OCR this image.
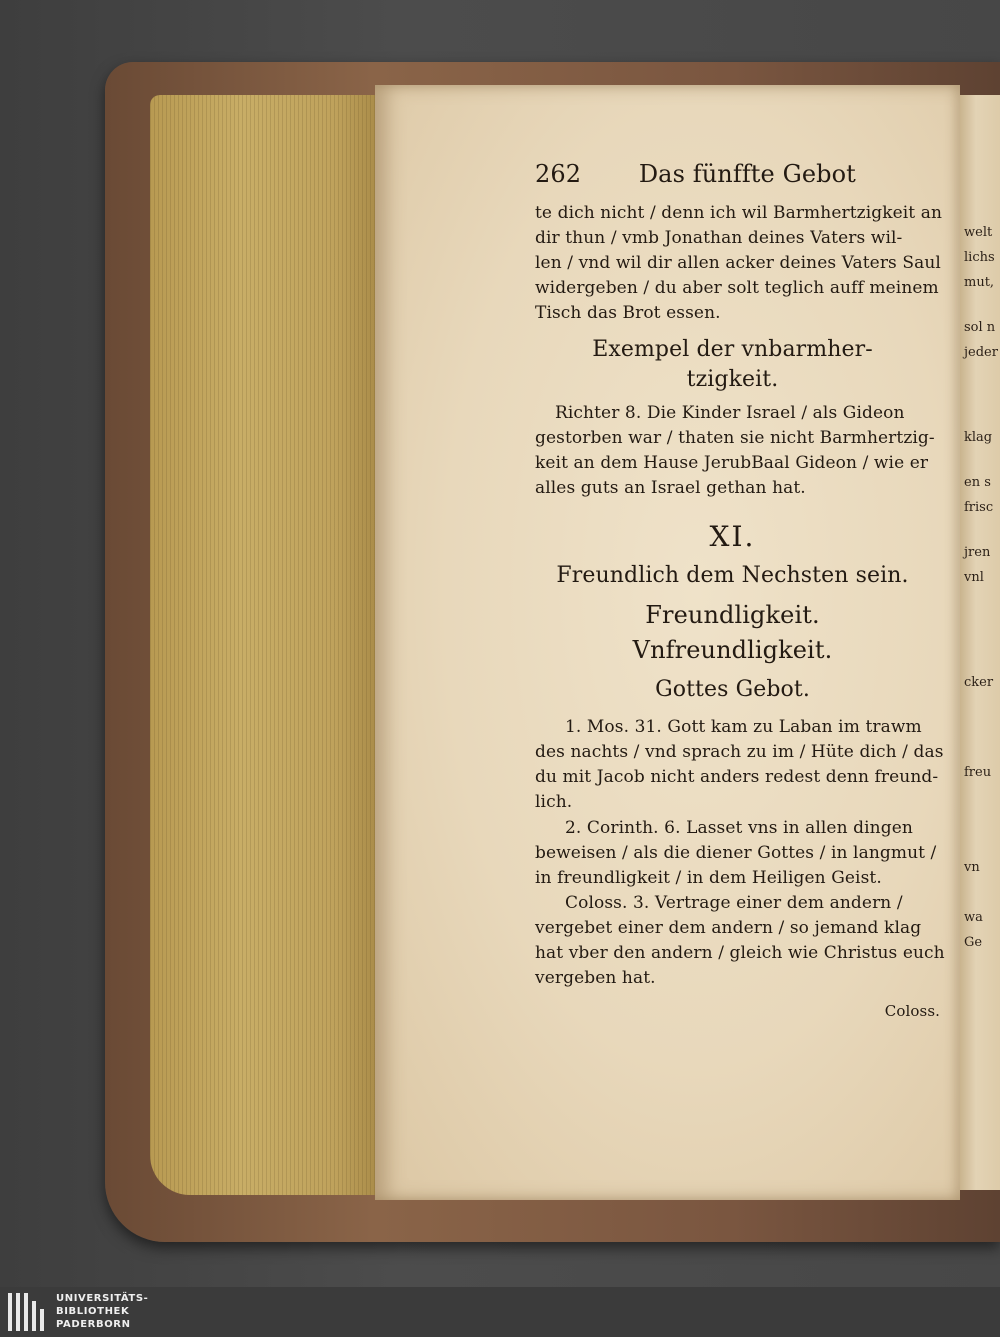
262 Das fünffte Gebot
te dich nicht / denn ich wil Barmhertzigkeit an
dir thun / vmb Jonathan deines Vaters wil-
len / vnd wil dir allen acker deines Vaters Saul
widergeben / du aber solt teglich auff meinem
Tisch das Brot essen.
Exempel der vnbarmher-
tzigkeit.
Richter 8. Die Kinder Israel / als Gideon
gestorben war / thaten sie nicht Barmhertzig-
keit an dem Hause JerubBaal Gideon / wie er
alles guts an Israel gethan hat.
XI.
Freundlich dem Nechsten sein.
Freundligkeit.
Vnfreundligkeit.
Gottes Gebot.
1. Mos. 31. Gott kam zu Laban im trawm
des nachts / vnd sprach zu im / Hüte dich / das
du mit Jacob nicht anders redest denn freund-
lich.
2. Corinth. 6. Lasset vns in allen dingen
beweisen / als die diener Gottes / in langmut /
in freundligkeit / in dem Heiligen Geist.
Coloss. 3. Vertrage einer dem andern /
vergebet einer dem andern / so jemand klag
hat vber den andern / gleich wie Christus euch
vergeben hat.
Coloss.
welt
lichs
mut,
sol n
jeder
klag
en s
frisc
jren
vnl
cker
freu
vn
wa
Ge
UNIVERSITÄTS-
BIBLIOTHEK
PADERBORN
